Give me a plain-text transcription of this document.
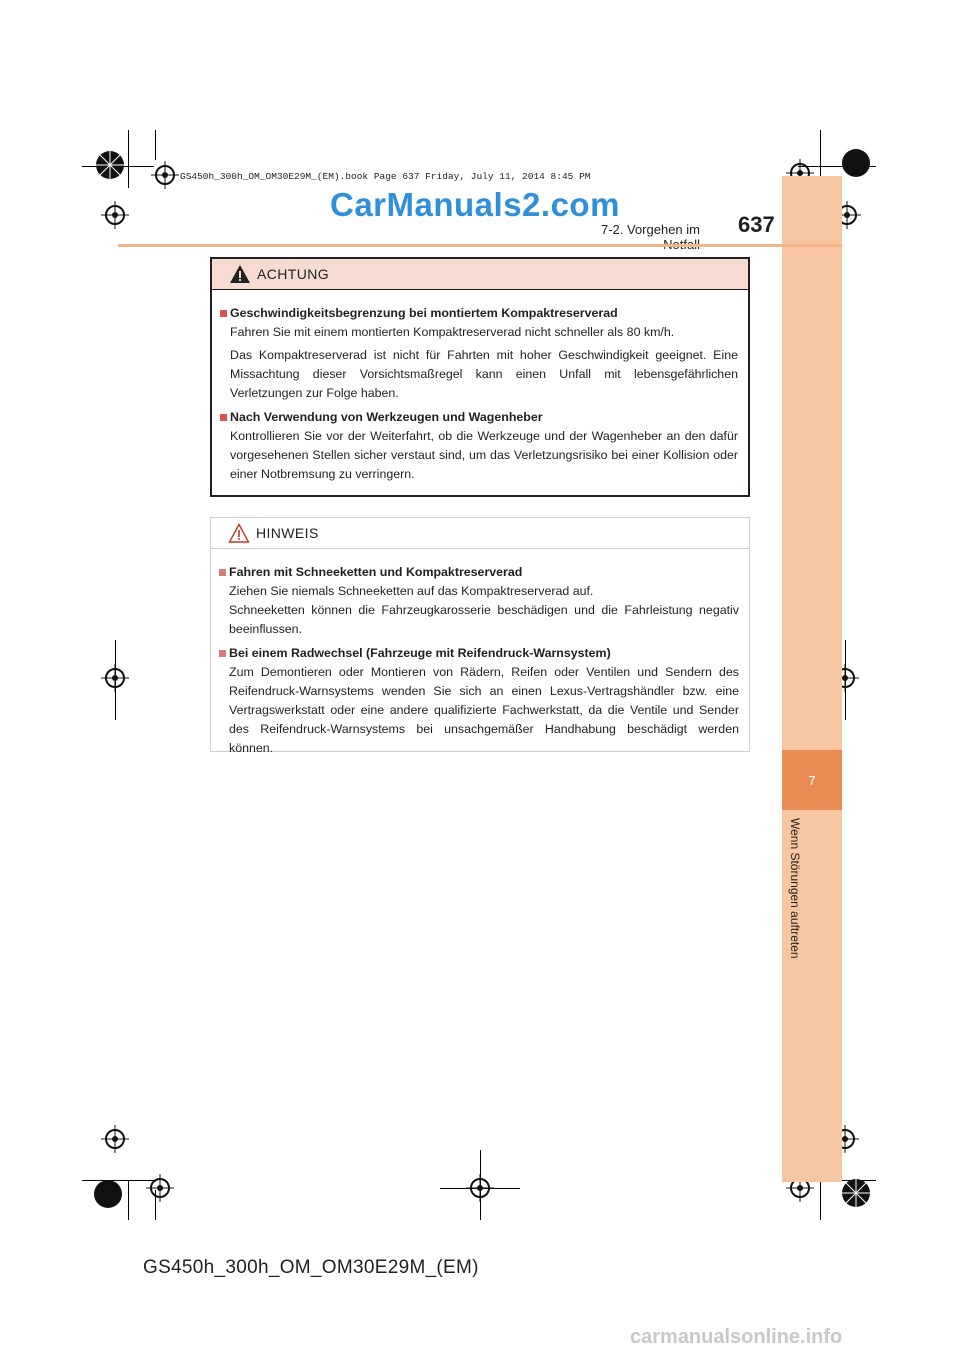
7
Wenn Störungen auftreten
GS450h_300h_OM_OM30E29M_(EM).book Page 637 Friday, July 11, 2014 8:45 PM
CarManuals2.com
7-2. Vorgehen im 637
ACHTUNG
Geschwindigkeitsbegrenzung bei montiertem Kompaktreserverad
Fahren Sie mit einem montierten Kompaktreserverad nicht schneller als 80 km/h.
Das Kompaktreserverad ist nicht für Fahrten mit hoher Geschwindigkeit geeignet. Eine Missachtung dieser Vorsichtsmaßregel kann einen Unfall mit lebensgefährlichen Verletzungen zur Folge haben.
Nach Verwendung von Werkzeugen und Wagenheber
Kontrollieren Sie vor der Weiterfahrt, ob die Werkzeuge und der Wagenheber an den dafür vorgesehenen Stellen sicher verstaut sind, um das Verletzungsrisiko bei einer Kollision oder einer Notbremsung zu verringern.
HINWEIS
Fahren mit Schneeketten und Kompaktreserverad
Ziehen Sie niemals Schneeketten auf das Kompaktreserverad auf.
Schneeketten können die Fahrzeugkarosserie beschädigen und die Fahrleistung negativ beeinflussen.
Bei einem Radwechsel (Fahrzeuge mit Reifendruck-Warnsystem)
Zum Demontieren oder Montieren von Rädern, Reifen oder Ventilen und Sendern des Reifendruck-Warnsystems wenden Sie sich an einen Lexus-Vertragshändler bzw. eine Vertragswerkstatt oder eine andere qualifizierte Fachwerkstatt, da die Ventile und Sender des Reifendruck-Warnsystems bei unsachgemäßer Handhabung beschädigt werden können.
GS450h_300h_OM_OM30E29M_(EM)
carmanualsonline.info
